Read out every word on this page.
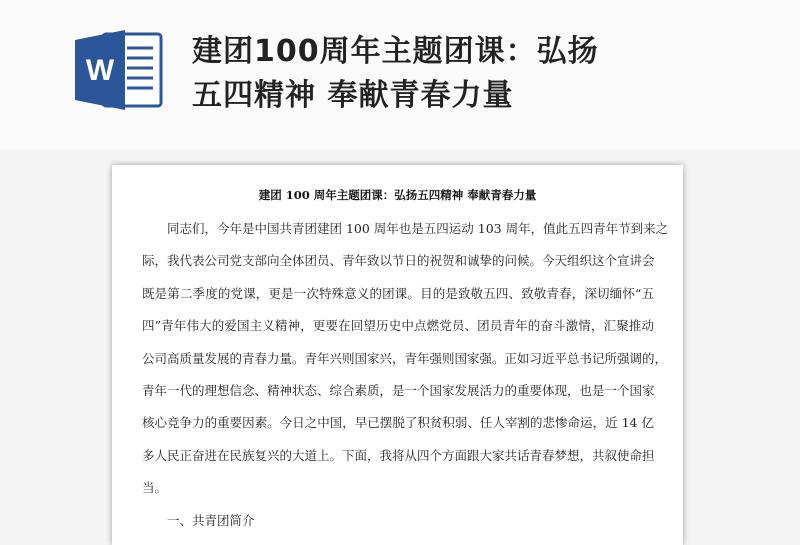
W
建团100周年主题团课：弘扬
五四精神 奉献青春力量
建团 100 周年主题团课：弘扬五四精神 奉献青春力量
同志们，今年是中国共青团建团 100 周年也是五四运动 103 周年，值此五四青年节到来之
际，我代表公司党支部向全体团员、青年致以节日的祝贺和诚挚的问候。今天组织这个宣讲会
既是第二季度的党课，更是一次特殊意义的团课。目的是致敬五四、致敬青春，深切缅怀“五
四”青年伟大的爱国主义精神，更要在回望历史中点燃党员、团员青年的奋斗激情，汇聚推动
公司高质量发展的青春力量。青年兴则国家兴，青年强则国家强。正如习近平总书记所强调的，
青年一代的理想信念、精神状态、综合素质，是一个国家发展活力的重要体现，也是一个国家
核心竞争力的重要因素。今日之中国，早已摆脱了积贫积弱、任人宰割的悲惨命运，近 14 亿
多人民正奋进在民族复兴的大道上。下面，我将从四个方面跟大家共话青春梦想，共叙使命担
当。
一、共青团简介
